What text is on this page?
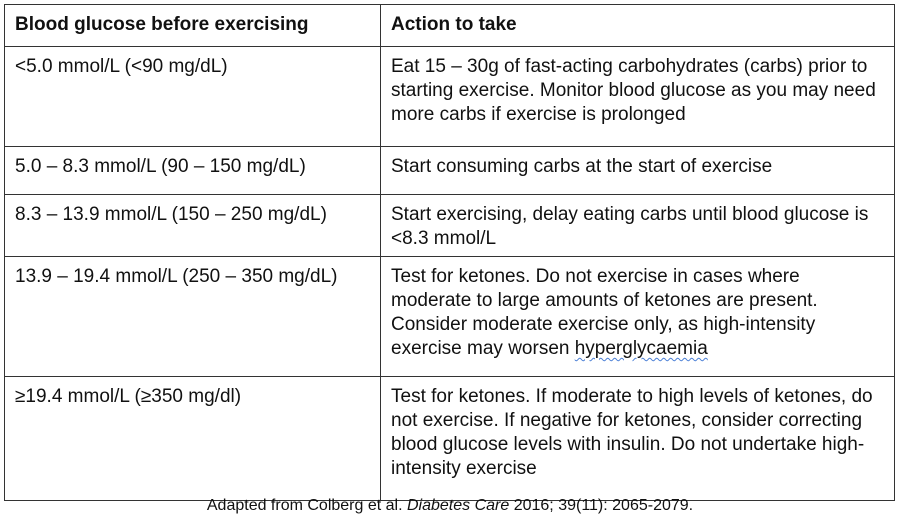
Blood glucose before exercising	Action to take
<5.0 mmol/L (<90 mg/dL)	Eat 15 – 30g of fast-acting carbohydrates (carbs) prior to starting exercise. Monitor blood glucose as you may need more carbs if exercise is prolonged
5.0 – 8.3 mmol/L (90 – 150 mg/dL)	Start consuming carbs at the start of exercise
8.3 – 13.9 mmol/L (150 – 250 mg/dL)	Start exercising, delay eating carbs until blood glucose is <8.3 mmol/L
13.9 – 19.4 mmol/L (250 – 350 mg/dL)	Test for ketones. Do not exercise in cases where moderate to large amounts of ketones are present. Consider moderate exercise only, as high-intensity exercise may worsen hyperglycaemia
≥19.4 mmol/L (≥350 mg/dl)	Test for ketones. If moderate to high levels of ketones, do not exercise. If negative for ketones, consider correcting blood glucose levels with insulin. Do not undertake high-intensity exercise
Adapted from Colberg et al. Diabetes Care 2016; 39(11): 2065-2079.
